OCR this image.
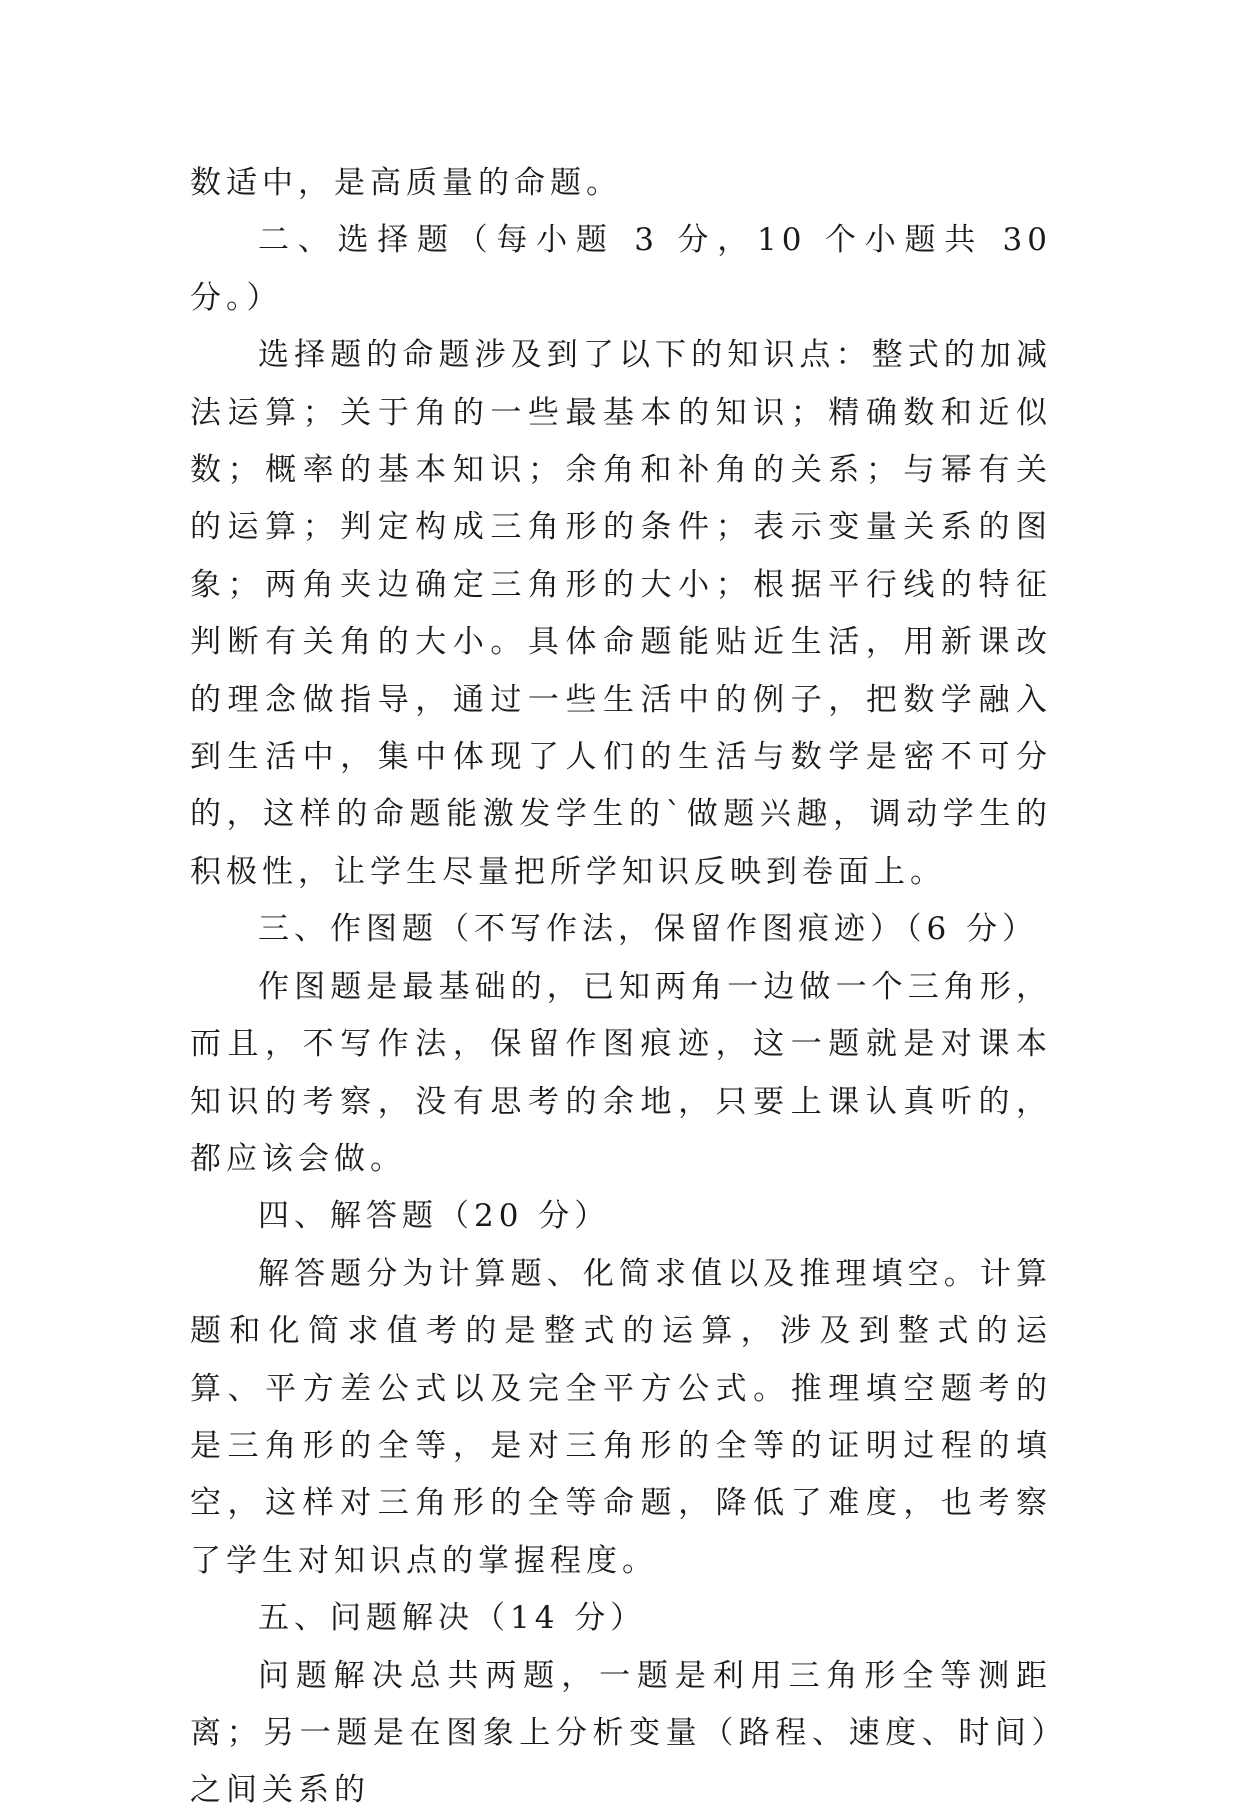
数适中，是高质量的命题。

二、选择题（每小题 3 分，10 个小题共 30 分。）

选择题的命题涉及到了以下的知识点：整式的加减法运算；关于角的一些最基本的知识；精确数和近似数；概率的基本知识；余角和补角的关系；与幂有关的运算；判定构成三角形的条件；表示变量关系的图象；两角夹边确定三角形的大小；根据平行线的特征判断有关角的大小。具体命题能贴近生活，用新课改的理念做指导，通过一些生活中的例子，把数学融入到生活中，集中体现了人们的生活与数学是密不可分的，这样的命题能激发学生的`做题兴趣，调动学生的积极性，让学生尽量把所学知识反映到卷面上。

三、作图题（不写作法，保留作图痕迹）（6 分）

作图题是最基础的，已知两角一边做一个三角形，而且，不写作法，保留作图痕迹，这一题就是对课本知识的考察，没有思考的余地，只要上课认真听的，都应该会做。

四、解答题（20 分）

解答题分为计算题、化简求值以及推理填空。计算题和化简求值考的是整式的运算，涉及到整式的运算、平方差公式以及完全平方公式。推理填空题考的是三角形的全等，是对三角形的全等的证明过程的填空，这样对三角形的全等命题，降低了难度，也考察了学生对知识点的掌握程度。

五、问题解决（14 分）

问题解决总共两题，一题是利用三角形全等测距离；另一题是在图象上分析变量（路程、速度、时间）之间关系的
